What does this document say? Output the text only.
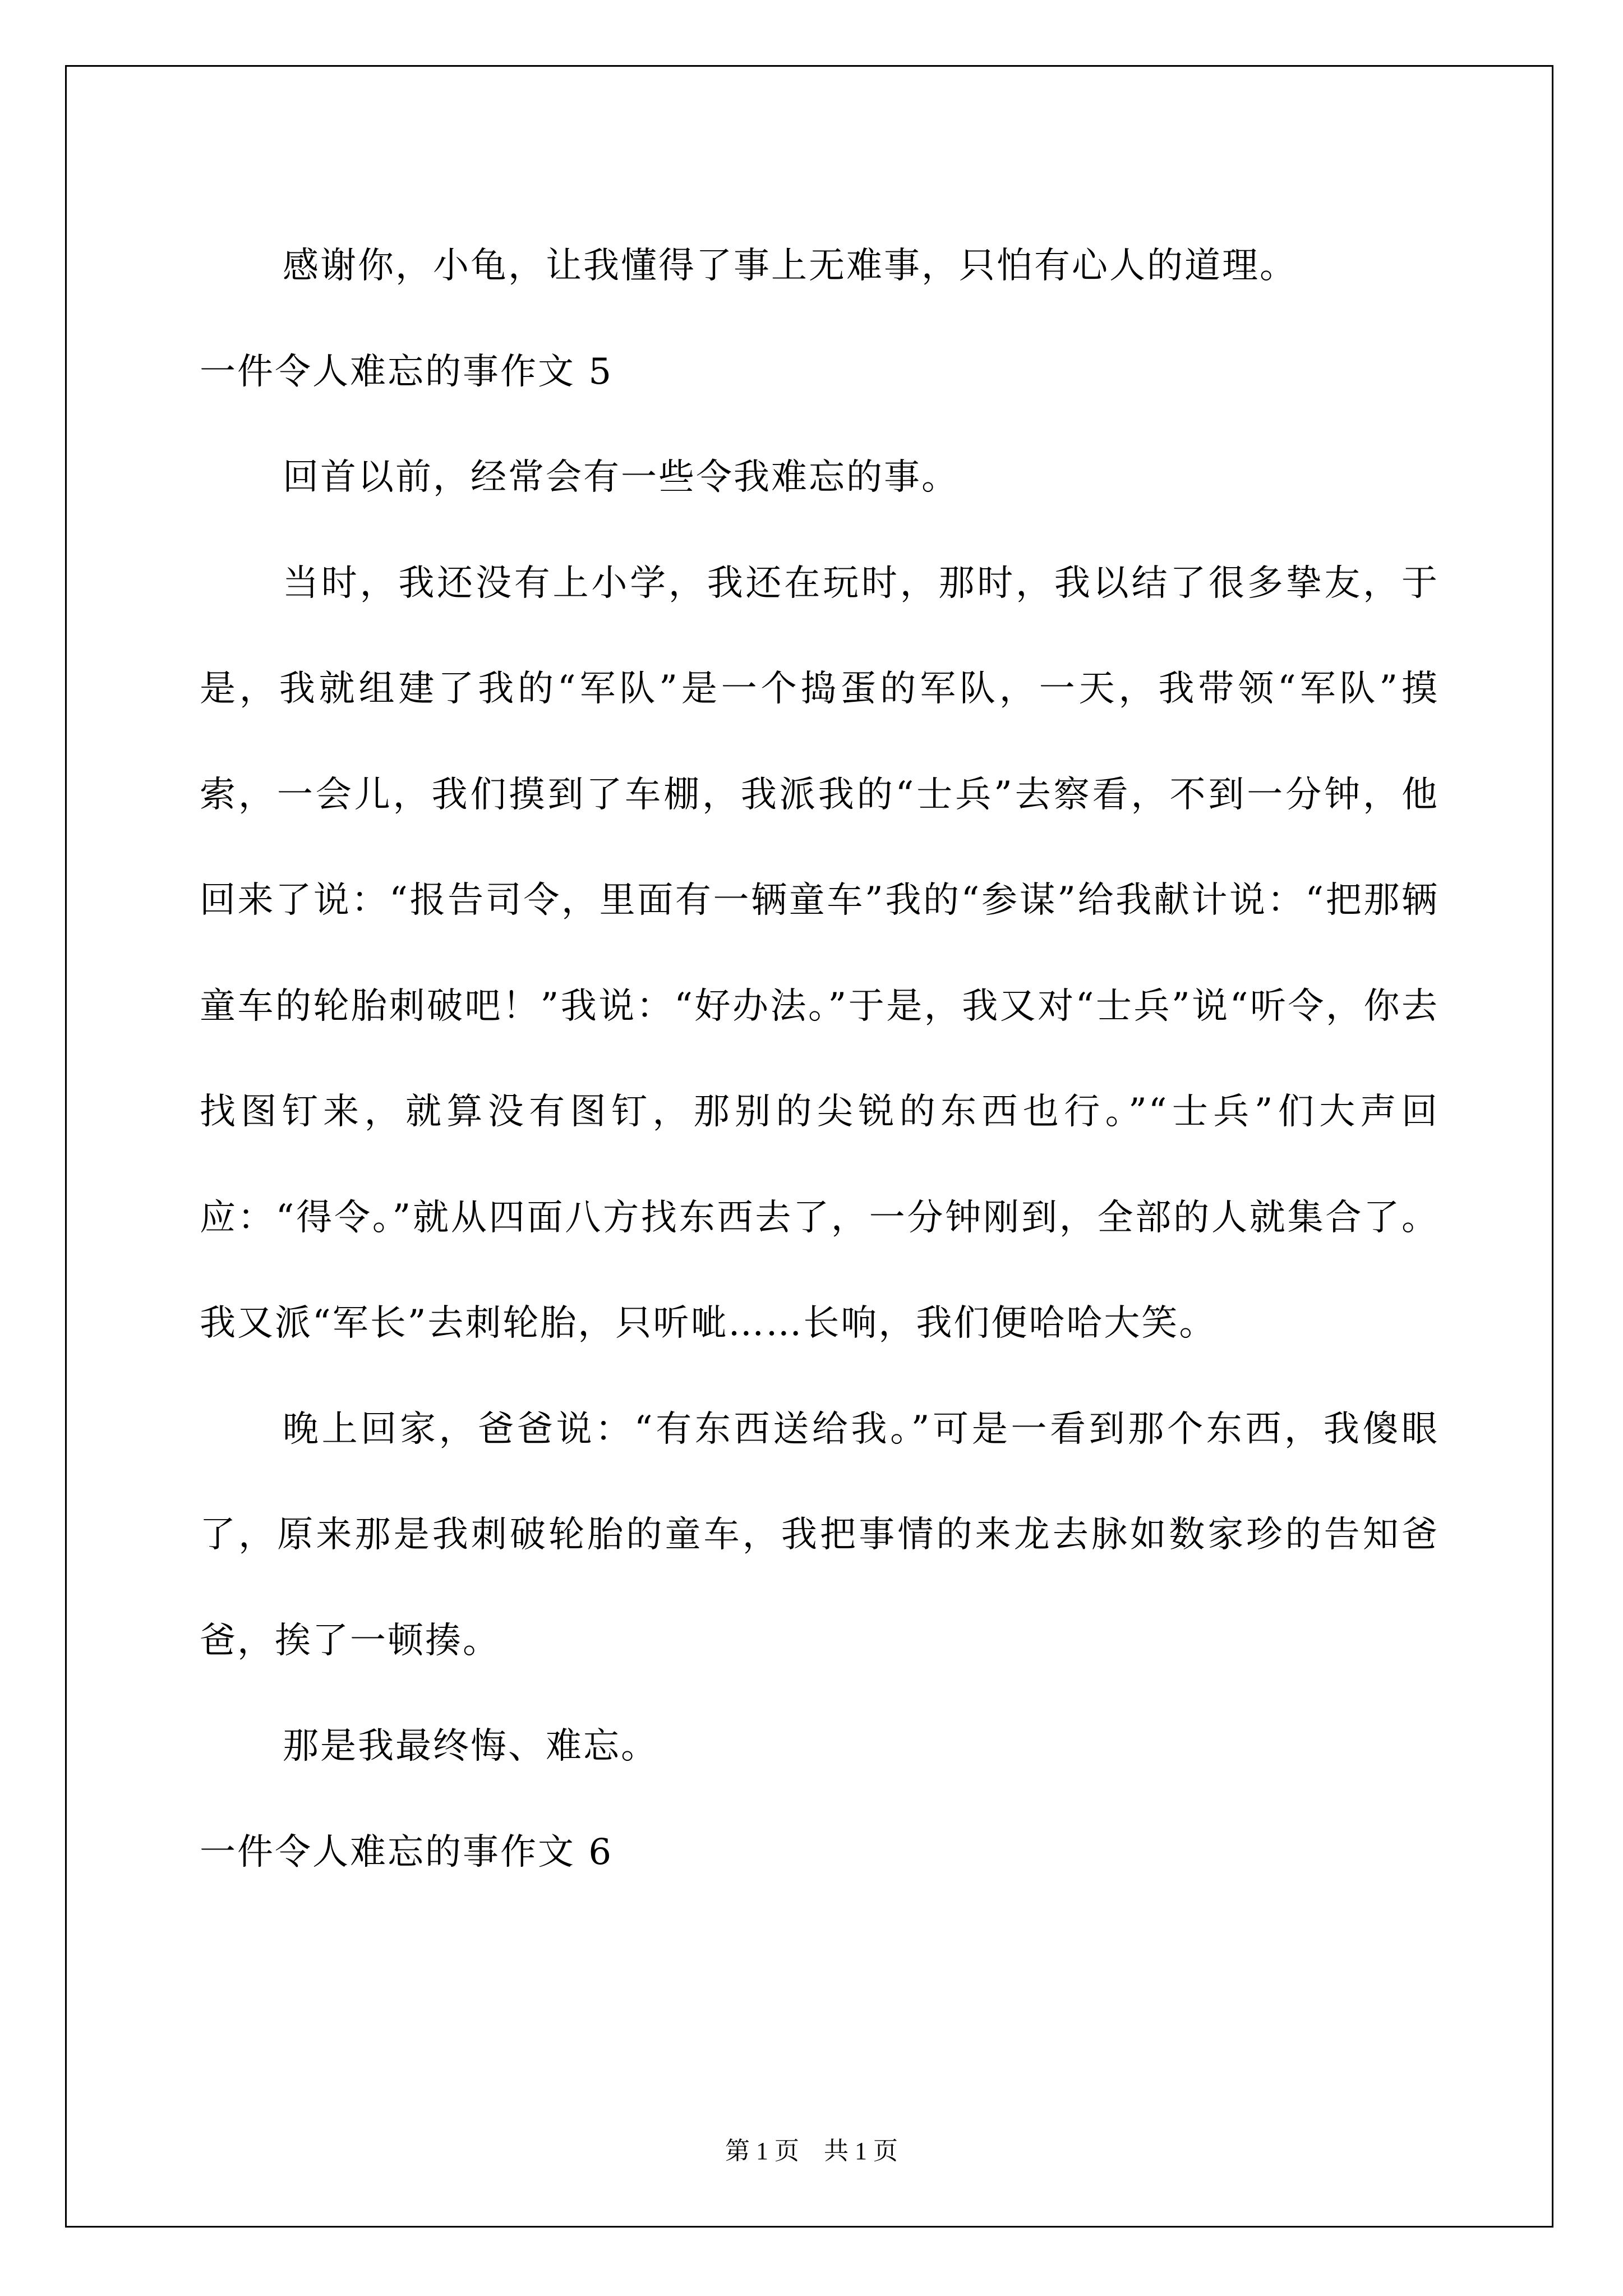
感谢你，小龟，让我懂得了事上无难事，只怕有心人的道理。

一件令人难忘的事作文 5

回首以前，经常会有一些令我难忘的事。

当时，我还没有上小学，我还在玩时，那时，我以结了很多挚友，于是，我就组建了我的“军队”是一个捣蛋的军队，一天，我带领“军队”摸索，一会儿，我们摸到了车棚，我派我的“士兵”去察看，不到一分钟，他回来了说：“报告司令，里面有一辆童车”我的“参谋”给我献计说：“把那辆童车的轮胎刺破吧！”我说：“好办法。”于是，我又对“士兵”说“听令，你去找图钉来，就算没有图钉，那别的尖锐的东西也行。”“士兵”们大声回应：“得令。”就从四面八方找东西去了，一分钟刚到，全部的人就集合了。我又派“军长”去刺轮胎，只听呲……长响，我们便哈哈大笑。

晚上回家，爸爸说：“有东西送给我。”可是一看到那个东西，我傻眼了，原来那是我刺破轮胎的童车，我把事情的来龙去脉如数家珍的告知爸爸，挨了一顿揍。

那是我最终悔、难忘。

一件令人难忘的事作文 6

第 1 页　共 1 页
